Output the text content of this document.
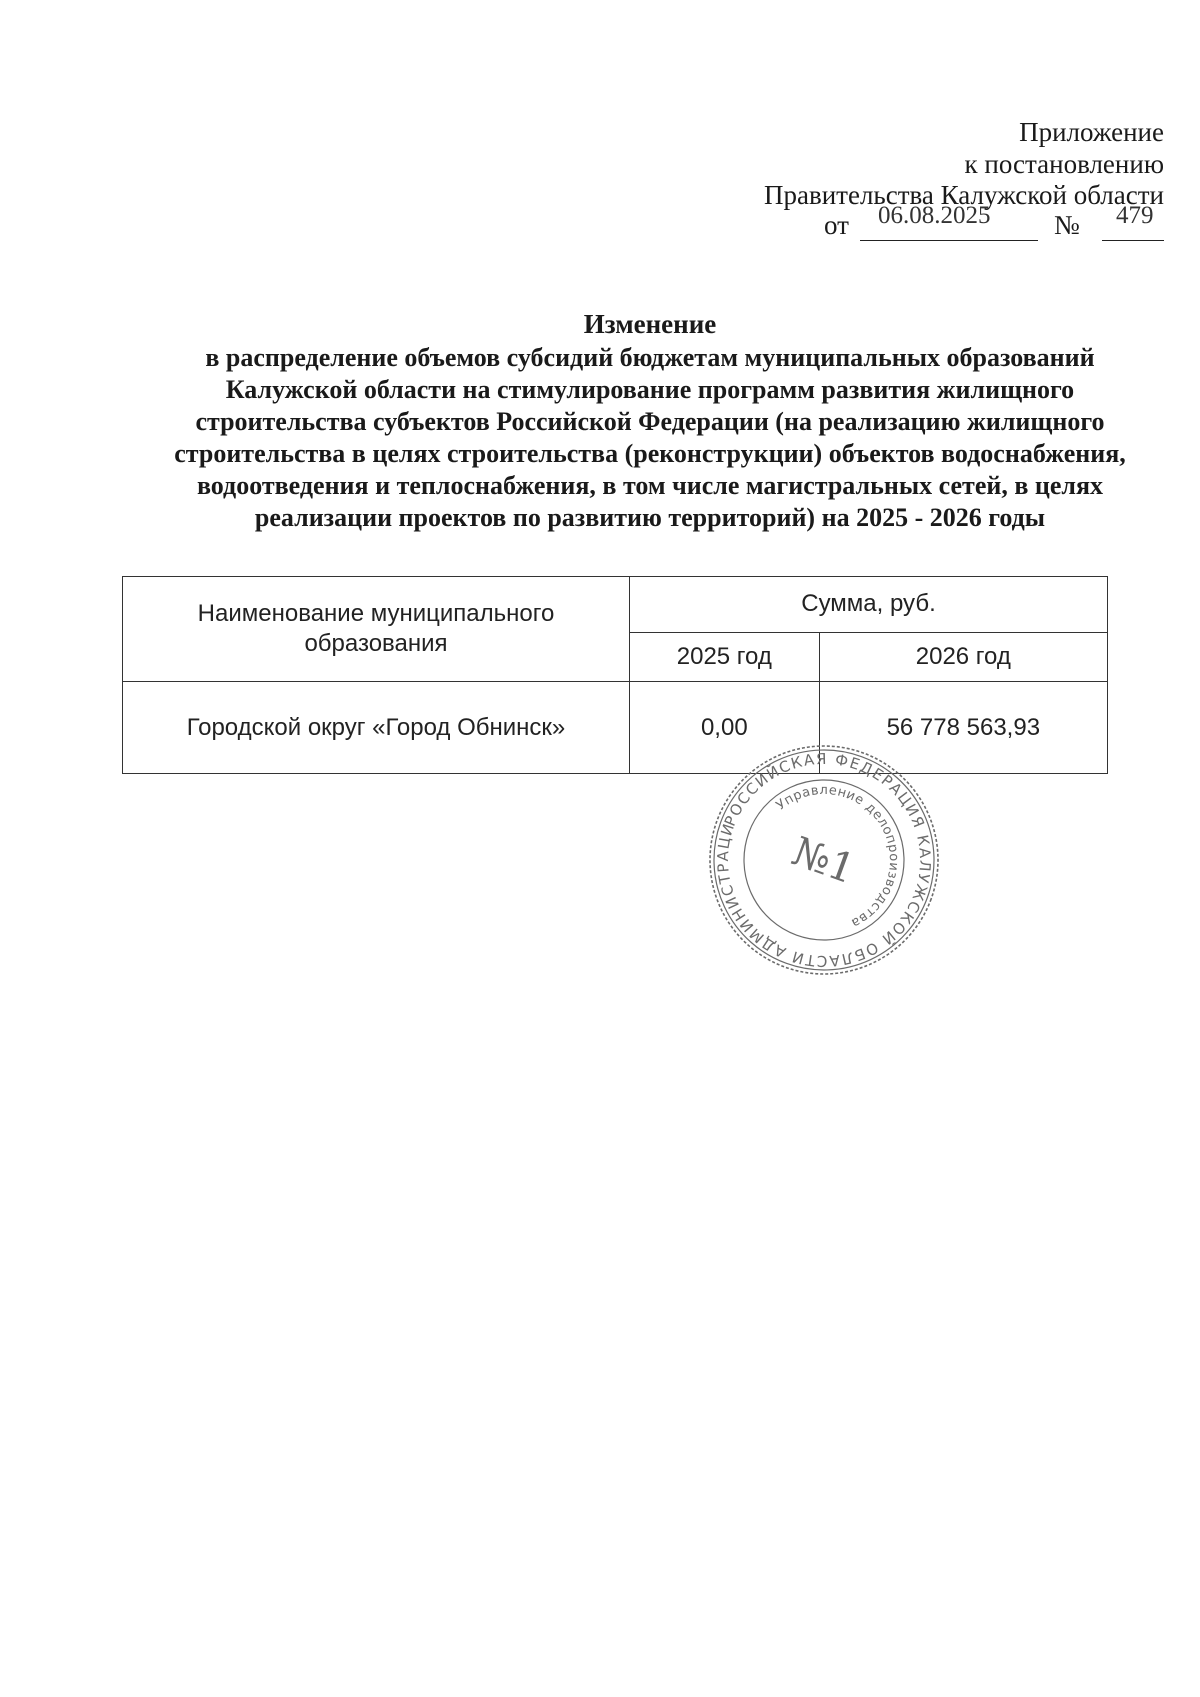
Приложение
к постановлению
Правительства Калужской области
от 06.08.2025 № 479
Изменение
в распределение объемов субсидий бюджетам муниципальных образований
Калужской области на стимулирование программ развития жилищного
строительства субъектов Российской Федерации (на реализацию жилищного
строительства в целях строительства (реконструкции) объектов водоснабжения,
водоотведения и теплоснабжения, в том числе магистральных сетей, в целях
реализации проектов по развитию территорий) на 2025 - 2026 годы
Наименование муниципального образования	Сумма, руб.	
	2025 год	2026 год
Городской округ «Город Обнинск»	0,00	56 778 563,93
РОССИЙСКАЯ ФЕДЕРАЦИЯ КАЛУЖСКОЙ ОБЛАСТИ АДМИНИСТРАЦИЯ
Управление делопроизводства
№1
